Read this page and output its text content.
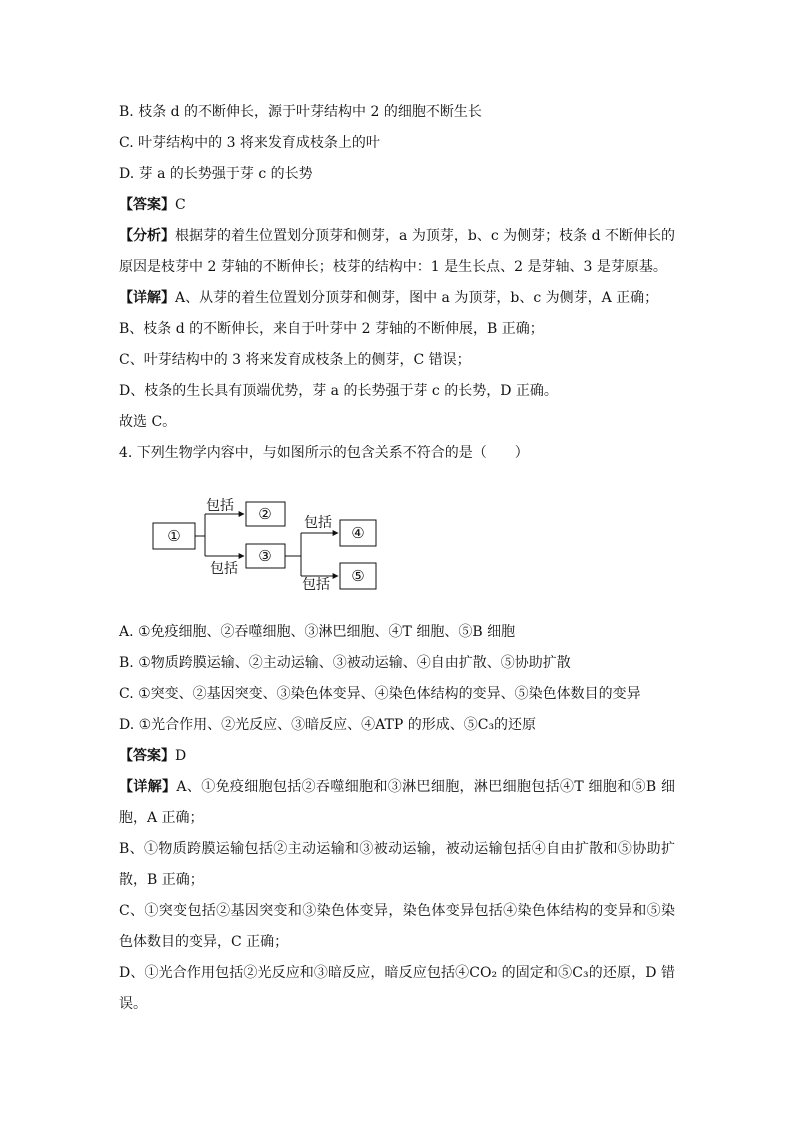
B. 枝条 d 的不断伸长，源于叶芽结构中 2 的细胞不断生长
C. 叶芽结构中的 3 将来发育成枝条上的叶
D. 芽 a 的长势强于芽 c 的长势
【答案】C
【分析】根据芽的着生位置划分顶芽和侧芽，a 为顶芽，b、c 为侧芽；枝条 d 不断伸长的原因是枝芽中 2 芽轴的不断伸长；枝芽的结构中：1 是生长点、2 是芽轴、3 是芽原基。
【详解】A、从芽的着生位置划分顶芽和侧芽，图中 a 为顶芽，b、c 为侧芽，A 正确；
B、枝条 d 的不断伸长，来自于叶芽中 2 芽轴的不断伸展，B 正确；
C、叶芽结构中的 3 将来发育成枝条上的侧芽，C 错误；
D、枝条的生长具有顶端优势，芽 a 的长势强于芽 c 的长势，D 正确。
故选 C。
4. 下列生物学内容中，与如图所示的包含关系不符合的是（　　）
①
②
③
④
⑤
包括
包括
包括
包括
A. ①免疫细胞、②吞噬细胞、③淋巴细胞、④T 细胞、⑤B 细胞
B. ①物质跨膜运输、②主动运输、③被动运输、④自由扩散、⑤协助扩散
C. ①突变、②基因突变、③染色体变异、④染色体结构的变异、⑤染色体数目的变异
D. ①光合作用、②光反应、③暗反应、④ATP 的形成、⑤C₃的还原
【答案】D
【详解】A、①免疫细胞包括②吞噬细胞和③淋巴细胞，淋巴细胞包括④T 细胞和⑤B 细胞，A 正确；
B、①物质跨膜运输包括②主动运输和③被动运输，被动运输包括④自由扩散和⑤协助扩散，B 正确；
C、①突变包括②基因突变和③染色体变异，染色体变异包括④染色体结构的变异和⑤染色体数目的变异，C 正确；
D、①光合作用包括②光反应和③暗反应，暗反应包括④CO₂ 的固定和⑤C₃的还原，D 错误。
